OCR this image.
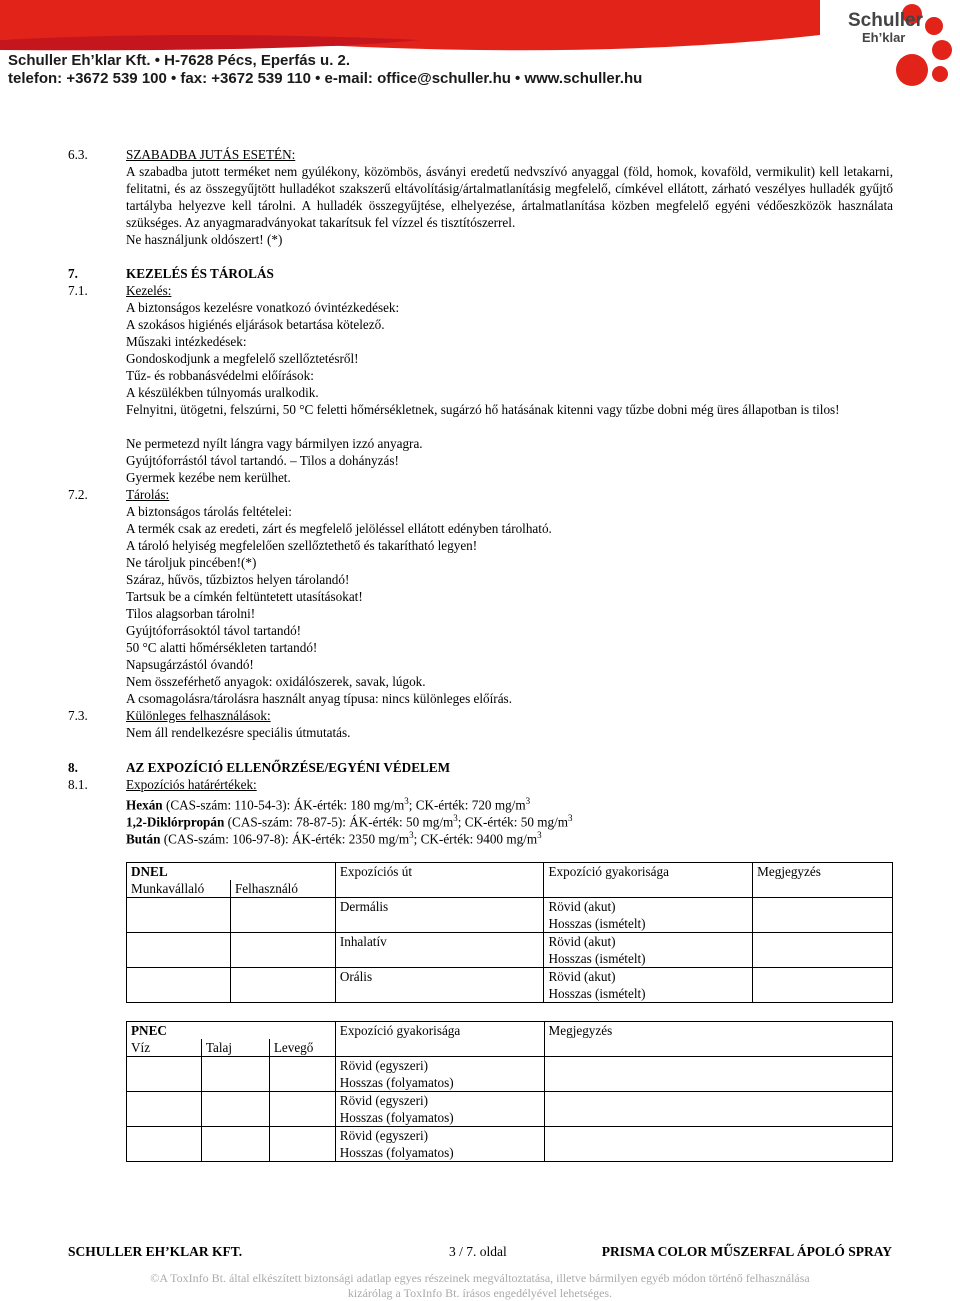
Schuller Eh’klar Kft. • H-7628 Pécs, Eperfás u. 2.
telefon: +3672 539 100 • fax: +3672 539 110 • e-mail: office@schuller.hu • www.schuller.hu
Schuller
Eh’klar
6.3.	SZABADBA JUTÁS ESETÉN:
A szabadba jutott terméket nem gyúlékony, közömbös, ásványi eredetű nedvszívó anyaggal (föld, homok, kovaföld, vermikulit) kell letakarni, felitatni, és az összegyűjtött hulladékot szakszerű eltávolításig/ártalmatlanításig megfelelő, címkével ellátott, zárható veszélyes hulladék gyűjtő tartályba helyezve kell tárolni. A hulladék összegyűjtése, elhelyezése, ártalmatlanítása közben megfelelő egyéni védőeszközök használata szükséges. Az anyagmaradványokat takarítsuk fel vízzel és tisztítószerrel.
Ne használjunk oldószert! (*)
7.	KEZELÉS ÉS TÁROLÁS
7.1.	Kezelés:
A biztonságos kezelésre vonatkozó óvintézkedések:
A szokásos higiénés eljárások betartása kötelező.
Műszaki intézkedések:
Gondoskodjunk a megfelelő szellőztetésről!
Tűz- és robbanásvédelmi előírások:
A készülékben túlnyomás uralkodik.
Felnyitni, ütögetni, felszúrni, 50 °C feletti hőmérsékletnek, sugárzó hő hatásának kitenni vagy tűzbe dobni még üres állapotban is tilos!
Ne permetezd nyílt lángra vagy bármilyen izzó anyagra.
Gyújtóforrástól távol tartandó. – Tilos a dohányzás!
Gyermek kezébe nem kerülhet.
7.2.	Tárolás:
A biztonságos tárolás feltételei:
A termék csak az eredeti, zárt és megfelelő jelöléssel ellátott edényben tárolható.
A tároló helyiség megfelelően szellőztethető és takarítható legyen!
Ne tároljuk pincében!(*)
Száraz, hűvös, tűzbiztos helyen tárolandó!
Tartsuk be a címkén feltüntetett utasításokat!
Tilos alagsorban tárolni!
Gyújtóforrásoktól távol tartandó!
50 °C alatti hőmérsékleten tartandó!
Napsugárzástól óvandó!
Nem összeférhető anyagok: oxidálószerek, savak, lúgok.
A csomagolásra/tárolásra használt anyag típusa: nincs különleges előírás.
7.3.	Különleges felhasználások:
Nem áll rendelkezésre speciális útmutatás.
8.	AZ EXPOZÍCIÓ ELLENŐRZÉSE/EGYÉNI VÉDELEM
8.1.	Expozíciós határértékek:
Hexán (CAS-szám: 110-54-3): ÁK-érték: 180 $mg/m^3$; CK-érték: 720 $mg/m^3$
1,2-Diklórpropán (CAS-szám: 78-87-5): ÁK-érték: 50 $mg/m^3$; CK-érték: 50 $mg/m^3$
Bután (CAS-szám: 106-97-8): ÁK-érték: 2350 $mg/m^3$; CK-érték: 9400 $mg/m^3$
DNEL		Expozíciós út	Expozíció gyakorisága	Megjegyzés
Munkavállaló	Felhasználó			
		Dermális	Rövid (akut)
Hosszas (ismételt)	

		Inhalatív	Rövid (akut)
Hosszas (ismételt)	

		Orális	Rövid (akut)
Hosszas (ismételt)	

PNEC			Expozíció gyakorisága	Megjegyzés
Víz	Talaj	Levegő		

			Rövid (egyszeri)
Hosszas (folyamatos)	

			Rövid (egyszeri)
Hosszas (folyamatos)	

			Rövid (egyszeri)
Hosszas (folyamatos)	

SCHULLER EH’KLAR KFT.	3 / 7. oldal	PRISMA COLOR MŰSZERFAL ÁPOLÓ SPRAY
©A ToxInfo Bt. által elkészített biztonsági adatlap egyes részeinek megváltoztatása, illetve bármilyen egyéb módon történő felhasználása
kizárólag a ToxInfo Bt. írásos engedélyével lehetséges.
